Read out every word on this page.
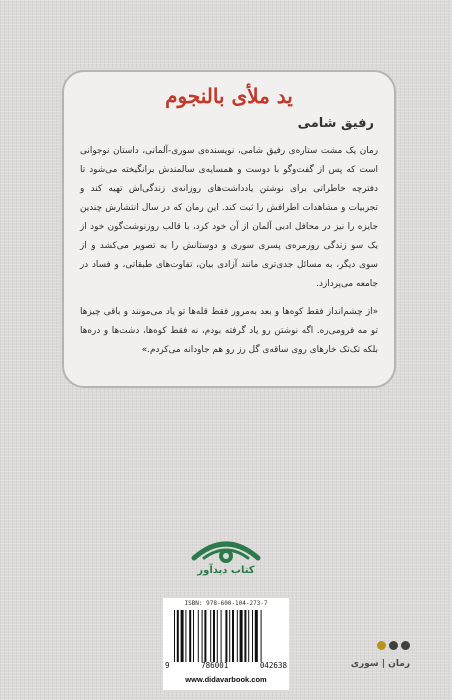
ید ملأی بالنجوم
رفیق شامی

رمان یک مشت ستاره‌ی رفیق شامی، نویسنده‌ی سوری-آلمانی، داستان نوجوانی است که پس از گفت‌وگو با دوست و همسایه‌ی سالمندش برانگیخته می‌شود تا دفترچه خاطراتی برای نوشتن یادداشت‌های روزانه‌ی زندگی‌اش تهیه کند و تجربیات و مشاهدات اطرافش را ثبت کند. این رمان که در سال انتشارش چندین جایزه را نیز در محافل ادبی آلمان از آن خود کرد، با قالب روزنوشت‌گون خود از یک سو زندگی روزمره‌ی پسری سوری و دوستانش را به تصویر می‌کشد و از سوی دیگر، به مسائل جدی‌تری مانند آزادی بیان، تفاوت‌های طبقاتی، و فساد در جامعه می‌پردازد.

«از چشم‌انداز فقط کوه‌ها و بعد به‌مرور فقط قله‌ها تو یاد می‌مونند و باقی چیزها تو مه فرومی‌ره. اگه نوشتن رو یاد گرفته بودم، نه فقط کوه‌ها، دشت‌ها و دره‌ها بلکه تک‌تک خارهای روی ساقه‌ی گل رز رو هم جاودانه می‌کردم.»

کتاب دیدآور
ISBN: 978-600-104-273-7
9	786001	042638
www.didavarbook.com
رمان | سوری
